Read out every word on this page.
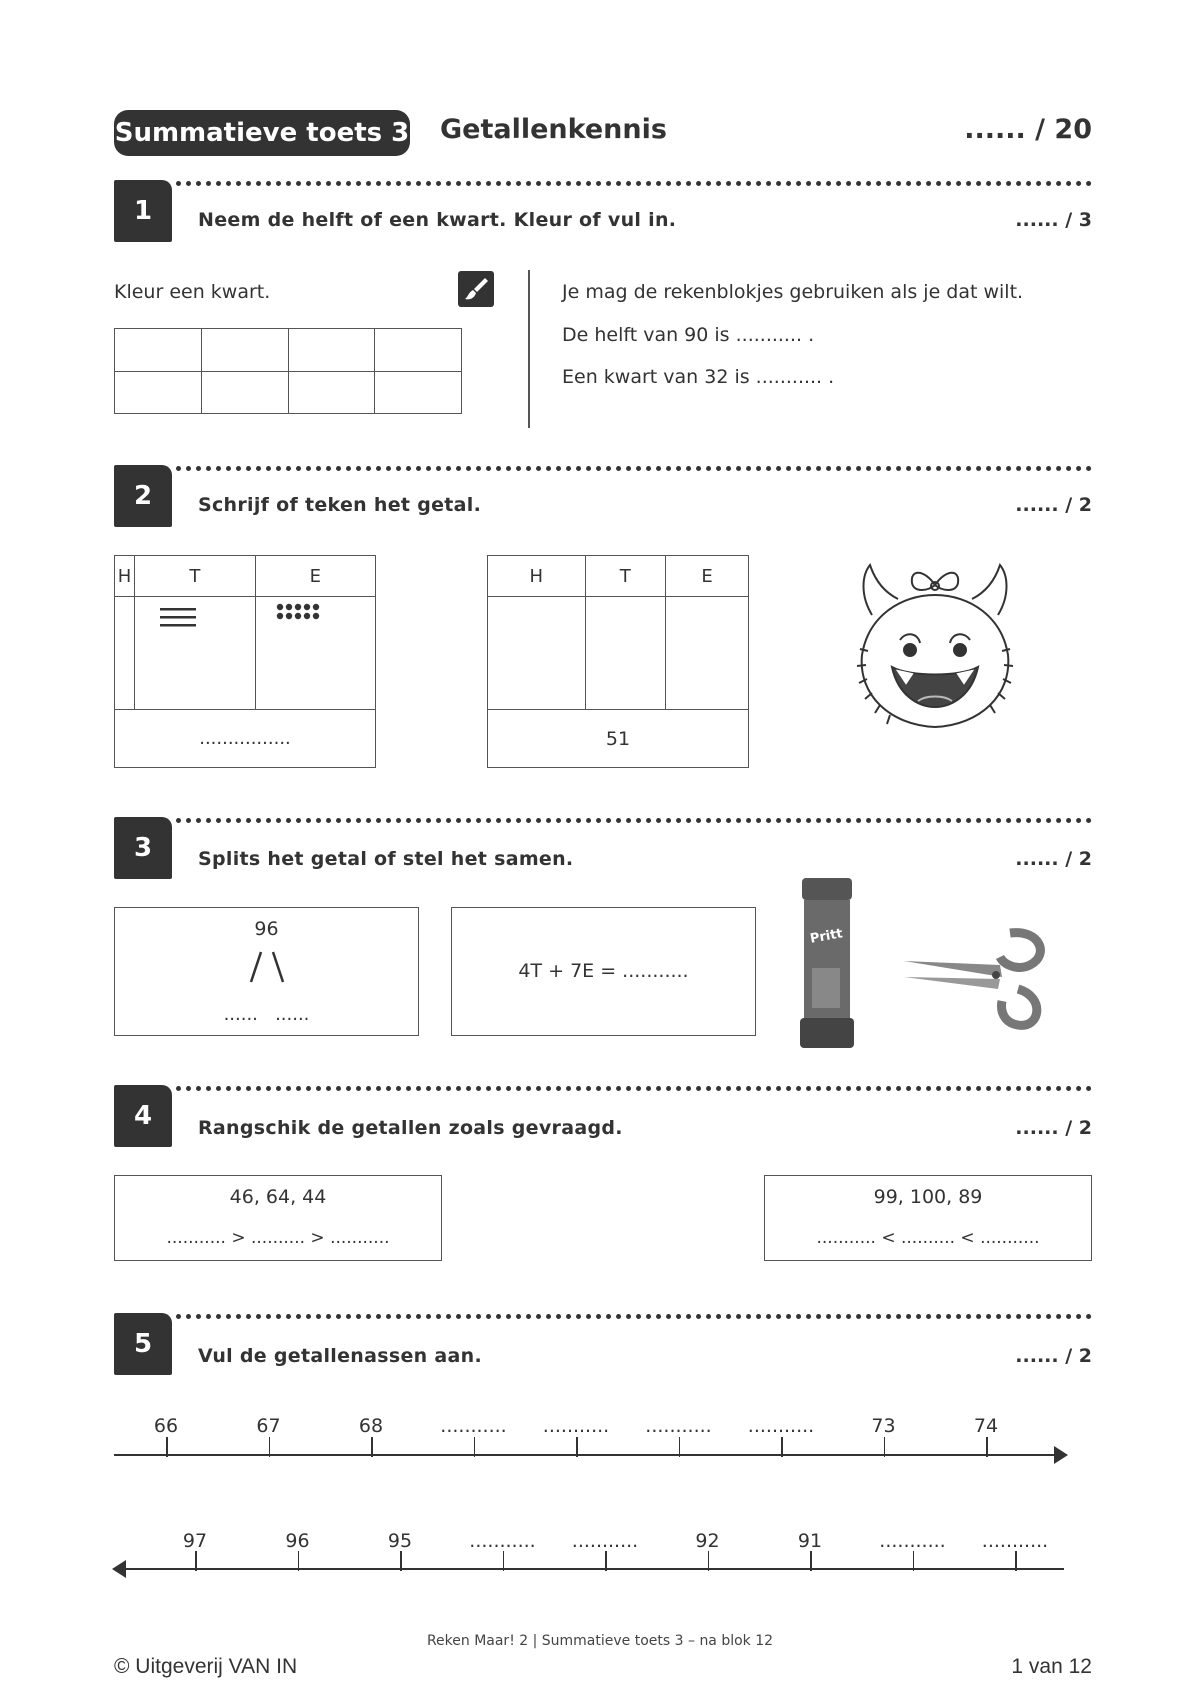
Summatieve toets 3 Getallenkennis	...... / 20
1	Neem de helft of een kwart. Kleur of vul in.	...... / 3
Kleur een kwart.

				Je mag de rekenblokjes gebruiken als je dat wilt.
De helft van 90 is ........... .
Een kwart van 32 is ........... .
2	Schrijf of teken het getal.	...... / 2
H	T	E

................		
H	T	E

51		
3	Splits het getal of stel het samen.	...... / 2
96
......   ......
4T + 7E = ...........
Pritt
4	Rangschik de getallen zoals gevraagd.	...... / 2
46, 64, 44
........... > .......... > ...........
99, 100, 89
........... < .......... < ...........
5	Vul de getallenassen aan.	...... / 2
66	67	68	........... ........... ........... ...........	73	74
97	96	95	........... ...........	92	91	........... ...........
Reken Maar! 2 | Summatieve toets 3 – na blok 12
© Uitgeverij VAN IN	1 van 12
